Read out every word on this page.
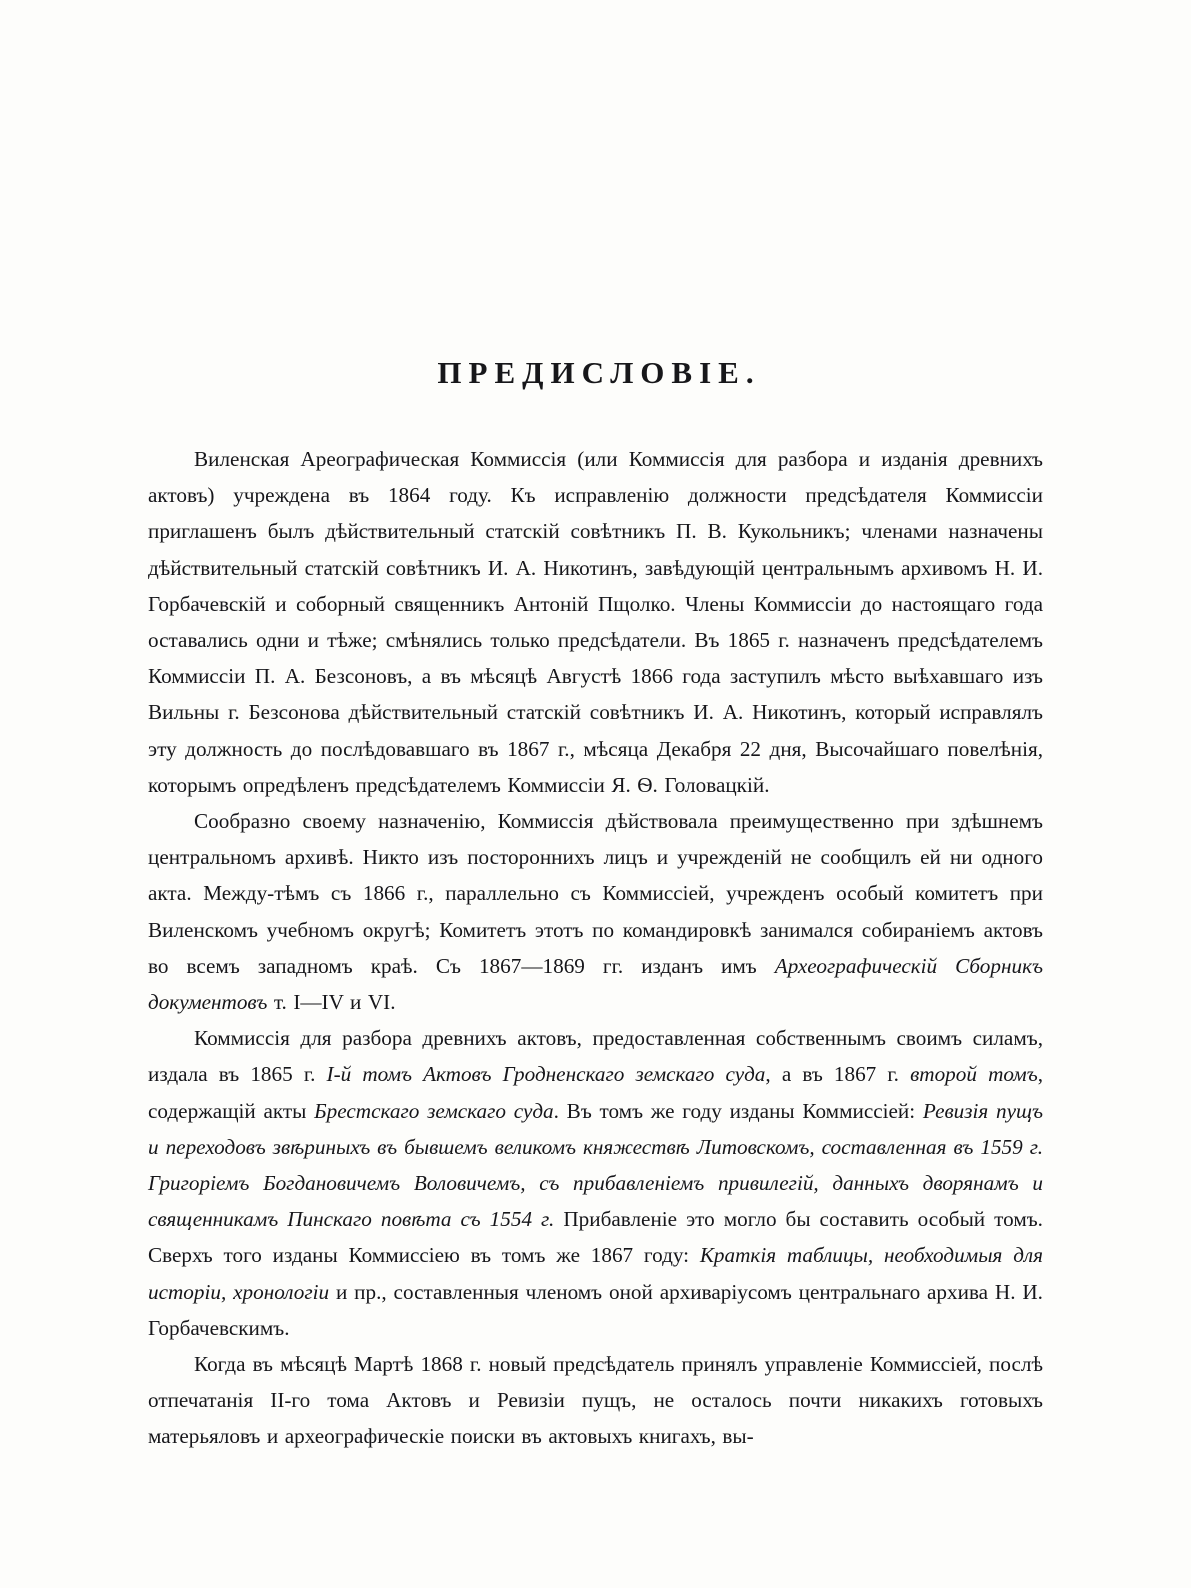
ПРЕДИСЛОВІЕ.

Виленская Ареографическая Коммиссія (или Коммиссія для разбора и изданія древнихъ актовъ) учреждена въ 1864 году. Къ исправленію должности предсѣдателя Коммиссіи приглашенъ былъ дѣйствительный статскій совѣтникъ П. В. Кукольникъ; членами назначены дѣйствительный статскій совѣтникъ И. А. Никотинъ, завѣдующій центральнымъ архивомъ Н. И. Горбачевскій и соборный священникъ Антоній Пщолко. Члены Коммиссіи до настоящаго года оставались одни и тѣже; смѣнялись только предсѣдатели. Въ 1865 г. назначенъ предсѣдателемъ Коммиссіи П. А. Безсоновъ, а въ мѣсяцѣ Августѣ 1866 года заступилъ мѣсто выѣхавшаго изъ Вильны г. Безсонова дѣйствительный статскій совѣтникъ И. А. Никотинъ, который исправлялъ эту должность до послѣдовавшаго въ 1867 г., мѣсяца Декабря 22 дня, Высочайшаго повелѣнія, которымъ опредѣленъ предсѣдателемъ Коммиссіи Я. Ѳ. Головацкій.

Сообразно своему назначенію, Коммиссія дѣйствовала преимущественно при здѣшнемъ центральномъ архивѣ. Никто изъ постороннихъ лицъ и учрежденій не сообщилъ ей ни одного акта. Между-тѣмъ съ 1866 г., параллельно съ Коммиссіей, учрежденъ особый комитетъ при Виленскомъ учебномъ округѣ; Комитетъ этотъ по командировкѣ занимался собираніемъ актовъ во всемъ западномъ краѣ. Съ 1867—1869 гг. изданъ имъ Археографическій Сборникъ документовъ т. I—IV и VI.

Коммиссія для разбора древнихъ актовъ, предоставленная собственнымъ своимъ силамъ, издала въ 1865 г. I-й томъ Актовъ Гродненскаго земскаго суда, а въ 1867 г. второй томъ, содержащій акты Брестскаго земскаго суда. Въ томъ же году изданы Коммиссіей: Ревизія пущъ и переходовъ звѣриныхъ въ бывшемъ великомъ княжествѣ Литовскомъ, составленная въ 1559 г. Григоріемъ Богдановичемъ Воловичемъ, съ прибавленіемъ привилегій, данныхъ дворянамъ и священникамъ Пинскаго повѣта съ 1554 г. Прибавленіе это могло бы составить особый томъ. Сверхъ того изданы Коммиссіею въ томъ же 1867 году: Краткія таблицы, необходимыя для исторіи, хронологіи и пр., составленныя членомъ оной архиваріусомъ центральнаго архива Н. И. Горбачевскимъ.

Когда въ мѣсяцѣ Мартѣ 1868 г. новый предсѣдатель принялъ управленіе Коммиссіей, послѣ отпечатанія II-го тома Актовъ и Ревизіи пущъ, не осталось почти никакихъ готовыхъ матерьяловъ и археографическіе поиски въ актовыхъ книгахъ, вы-
